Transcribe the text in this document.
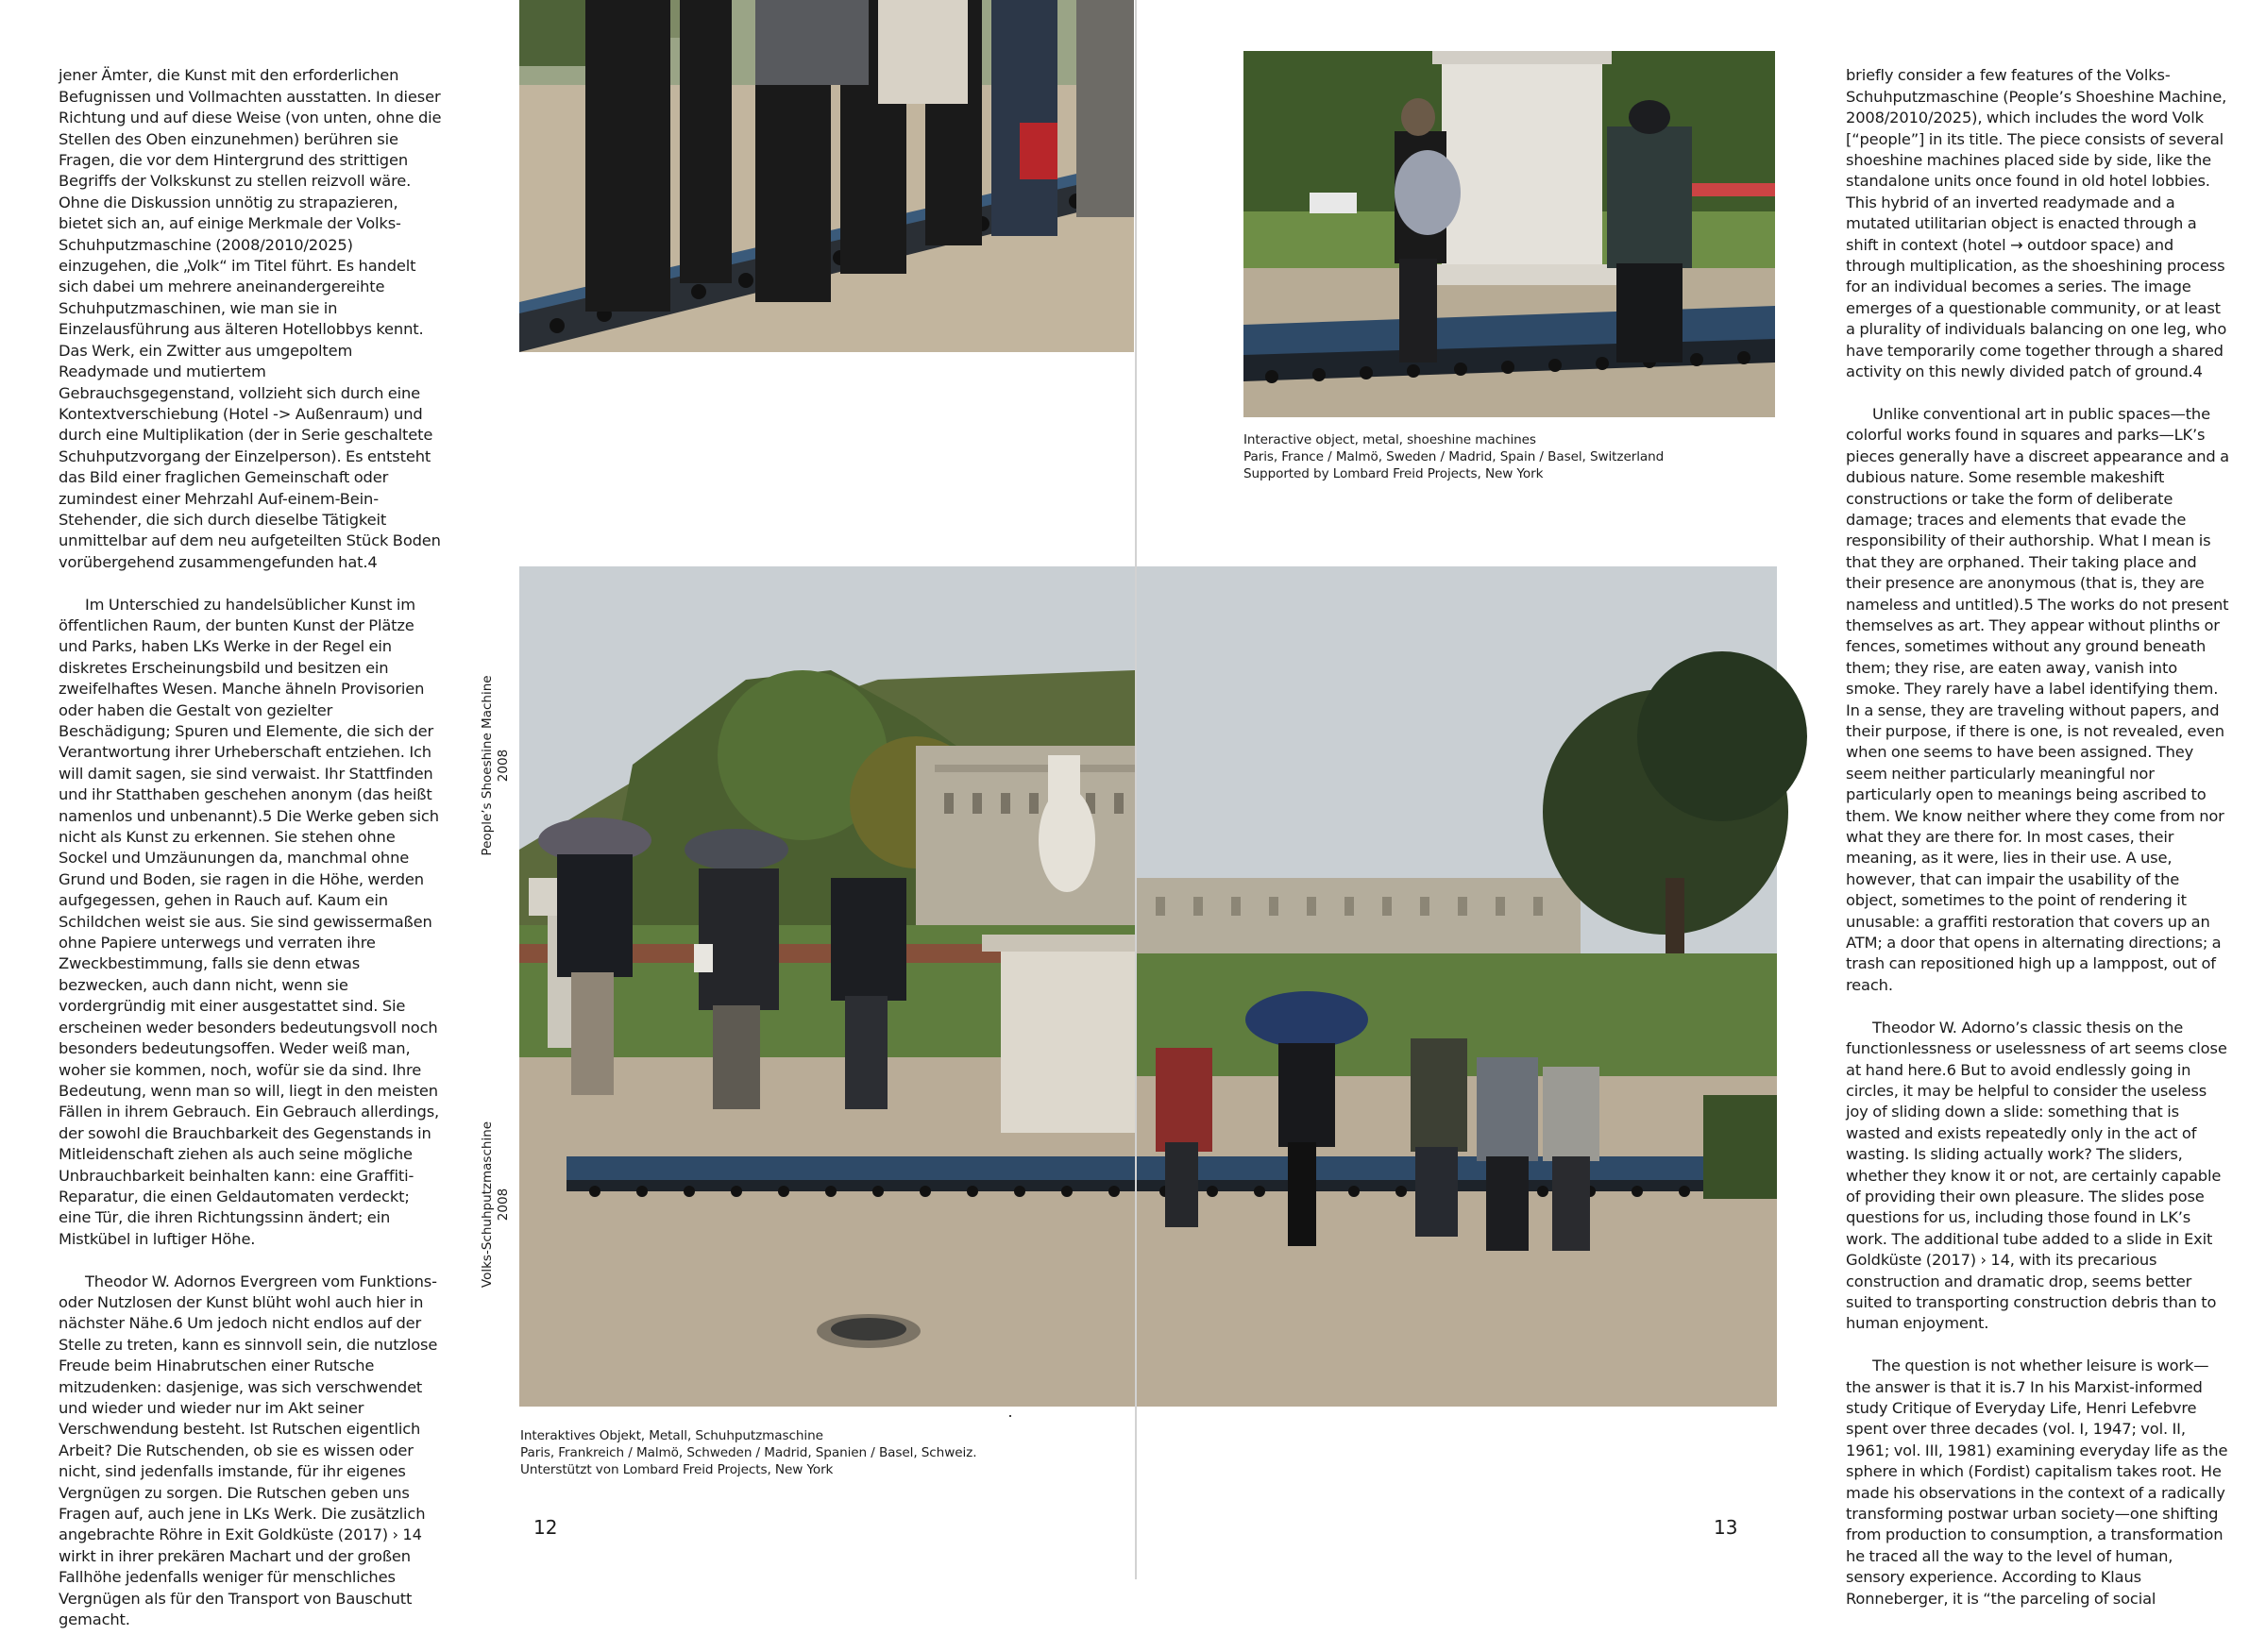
jener Ämter, die Kunst mit den erforderlichen Befugnissen und Vollmachten ausstatten. In dieser Richtung und auf diese Weise (von unten, ohne die Stellen des Oben einzunehmen) berühren sie Fragen, die vor dem Hintergrund des strittigen Begriffs der Volkskunst zu stellen reizvoll wäre. Ohne die Diskussion unnötig zu strapazieren, bietet sich an, auf einige Merkmale der Volks-Schuhputzmaschine (2008/2010/2025) einzugehen, die „Volk“ im Titel führt. Es handelt sich dabei um mehrere aneinandergereihte Schuhputzmaschinen, wie man sie in Einzelausführung aus älteren Hotellobbys kennt. Das Werk, ein Zwitter aus umgepoltem Readymade und mutiertem Gebrauchsgegenstand, vollzieht sich durch eine Kontextverschiebung (Hotel -> Außenraum) und durch eine Multiplikation (der in Serie geschaltete Schuhputzvorgang der Einzelperson). Es entsteht das Bild einer fraglichen Gemeinschaft oder zumindest einer Mehrzahl Auf-einem-Bein-Stehender, die sich durch dieselbe Tätigkeit unmittelbar auf dem neu aufgeteilten Stück Boden vorübergehend zusammengefunden hat.4

Im Unterschied zu handelsüblicher Kunst im öffentlichen Raum, der bunten Kunst der Plätze und Parks, haben LKs Werke in der Regel ein diskretes Erscheinungsbild und besitzen ein zweifelhaftes Wesen. Manche ähneln Provisorien oder haben die Gestalt von gezielter Beschädigung; Spuren und Elemente, die sich der Verantwortung ihrer Urheberschaft entziehen. Ich will damit sagen, sie sind verwaist. Ihr Stattfinden und ihr Statthaben geschehen anonym (das heißt namenlos und unbenannt).5 Die Werke geben sich nicht als Kunst zu erkennen. Sie stehen ohne Sockel und Umzäunungen da, manchmal ohne Grund und Boden, sie ragen in die Höhe, werden aufgegessen, gehen in Rauch auf. Kaum ein Schildchen weist sie aus. Sie sind gewissermaßen ohne Papiere unterwegs und verraten ihre Zweckbestimmung, falls sie denn etwas bezwecken, auch dann nicht, wenn sie vordergründig mit einer ausgestattet sind. Sie erscheinen weder besonders bedeutungsvoll noch besonders bedeutungsoffen. Weder weiß man, woher sie kommen, noch, wofür sie da sind. Ihre Bedeutung, wenn man so will, liegt in den meisten Fällen in ihrem Gebrauch. Ein Gebrauch allerdings, der sowohl die Brauchbarkeit des Gegenstands in Mitleidenschaft ziehen als auch seine mögliche Unbrauchbarkeit beinhalten kann: eine Graffiti-Reparatur, die einen Geldautomaten verdeckt; eine Tür, die ihren Richtungssinn ändert; ein Mistkübel in luftiger Höhe.

Theodor W. Adornos Evergreen vom Funktions- oder Nutzlosen der Kunst blüht wohl auch hier in nächster Nähe.6 Um jedoch nicht endlos auf der Stelle zu treten, kann es sinnvoll sein, die nutzlose Freude beim Hinabrutschen einer Rutsche mitzudenken: dasjenige, was sich verschwendet und wieder und wieder nur im Akt seiner Verschwendung besteht. Ist Rutschen eigentlich Arbeit? Die Rutschenden, ob sie es wissen oder nicht, sind jedenfalls imstande, für ihr eigenes Vergnügen zu sorgen. Die Rutschen geben uns Fragen auf, auch jene in LKs Werk. Die zusätzlich angebrachte Röhre in Exit Goldküste (2017) › 14 wirkt in ihrer prekären Machart und der großen Fallhöhe jedenfalls weniger für menschliches Vergnügen als für den Transport von Bauschutt gemacht.

People’s Shoeshine Machine
2008
Volks-Schuhputzmaschine
2008
Interaktives Objekt, Metall, Schuhputzmaschine
Paris, Frankreich / Malmö, Schweden / Madrid, Spanien / Basel, Schweiz.
Unterstützt von Lombard Freid Projects, New York
12
Interactive object, metal, shoeshine machines
Paris, France / Malmö, Sweden / Madrid, Spain / Basel, Switzerland
Supported by Lombard Freid Projects, New York

briefly consider a few features of the Volks-Schuhputzmaschine (People’s Shoeshine Machine, 2008/2010/2025), which includes the word Volk [“people”] in its title. The piece consists of several shoeshine machines placed side by side, like the standalone units once found in old hotel lobbies. This hybrid of an inverted readymade and a mutated utilitarian object is enacted through a shift in context (hotel → outdoor space) and through multiplication, as the shoeshining process for an individual becomes a series. The image emerges of a questionable community, or at least a plurality of individuals balancing on one leg, who have temporarily come together through a shared activity on this newly divided patch of ground.4

Unlike conventional art in public spaces—the colorful works found in squares and parks—LK’s pieces generally have a discreet appearance and a dubious nature. Some resemble makeshift constructions or take the form of deliberate damage; traces and elements that evade the responsibility of their authorship. What I mean is that they are orphaned. Their taking place and their presence are anonymous (that is, they are nameless and untitled).5 The works do not present themselves as art. They appear without plinths or fences, sometimes without any ground beneath them; they rise, are eaten away, vanish into smoke. They rarely have a label identifying them. In a sense, they are traveling without papers, and their purpose, if there is one, is not revealed, even when one seems to have been assigned. They seem neither particularly meaningful nor particularly open to meanings being ascribed to them. We know neither where they come from nor what they are there for. In most cases, their meaning, as it were, lies in their use. A use, however, that can impair the usability of the object, sometimes to the point of rendering it unusable: a graffiti restoration that covers up an ATM; a door that opens in alternating directions; a trash can repositioned high up a lamppost, out of reach.

Theodor W. Adorno’s classic thesis on the functionlessness or uselessness of art seems close at hand here.6 But to avoid endlessly going in circles, it may be helpful to consider the useless joy of sliding down a slide: something that is wasted and exists repeatedly only in the act of wasting. Is sliding actually work? The sliders, whether they know it or not, are certainly capable of providing their own pleasure. The slides pose questions for us, including those found in LK’s work. The additional tube added to a slide in Exit Goldküste (2017) › 14, with its precarious construction and dramatic drop, seems better suited to transporting construction debris than to human enjoyment.

The question is not whether leisure is work—the answer is that it is.7 In his Marxist-informed study Critique of Everyday Life, Henri Lefebvre spent over three decades (vol. I, 1947; vol. II, 1961; vol. III, 1981) examining everyday life as the sphere in which (Fordist) capitalism takes root. He made his observations in the context of a radically transforming postwar urban society—one shifting from production to consumption, a transformation he traced all the way to the level of human, sensory experience. According to Klaus Ronneberger, it is “the parceling of social

13
